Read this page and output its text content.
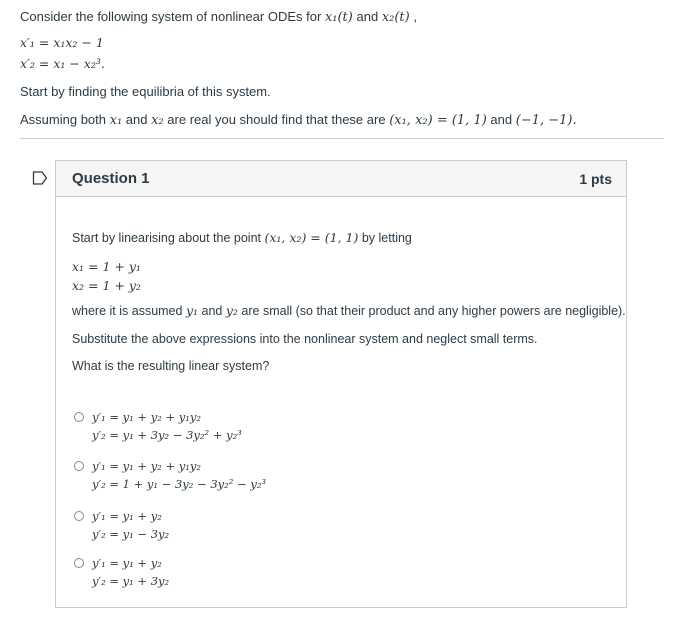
Consider the following system of nonlinear ODEs for x₁(t) and x₂(t) ,
x′₁ = x₁x₂ − 1
x′₂ = x₁ − x₂³.
Start by finding the equilibria of this system.
Assuming both x₁ and x₂ are real you should find that these are (x₁, x₂) = (1, 1) and (−1, −1).
Question 1	1 pts
Start by linearising about the point (x₁, x₂) = (1, 1) by letting
x₁ = 1 + y₁
x₂ = 1 + y₂
where it is assumed y₁ and y₂ are small (so that their product and any higher powers are negligible).
Substitute the above expressions into the nonlinear system and neglect small terms.
What is the resulting linear system?
y′₁ = y₁ + y₂ + y₁y₂
y′₂ = y₁ + 3y₂ − 3y₂² + y₂³
y′₁ = y₁ + y₂ + y₁y₂
y′₂ = 1 + y₁ − 3y₂ − 3y₂² − y₂³
y′₁ = y₁ + y₂
y′₂ = y₁ − 3y₂
y′₁ = y₁ + y₂
y′₂ = y₁ + 3y₂
